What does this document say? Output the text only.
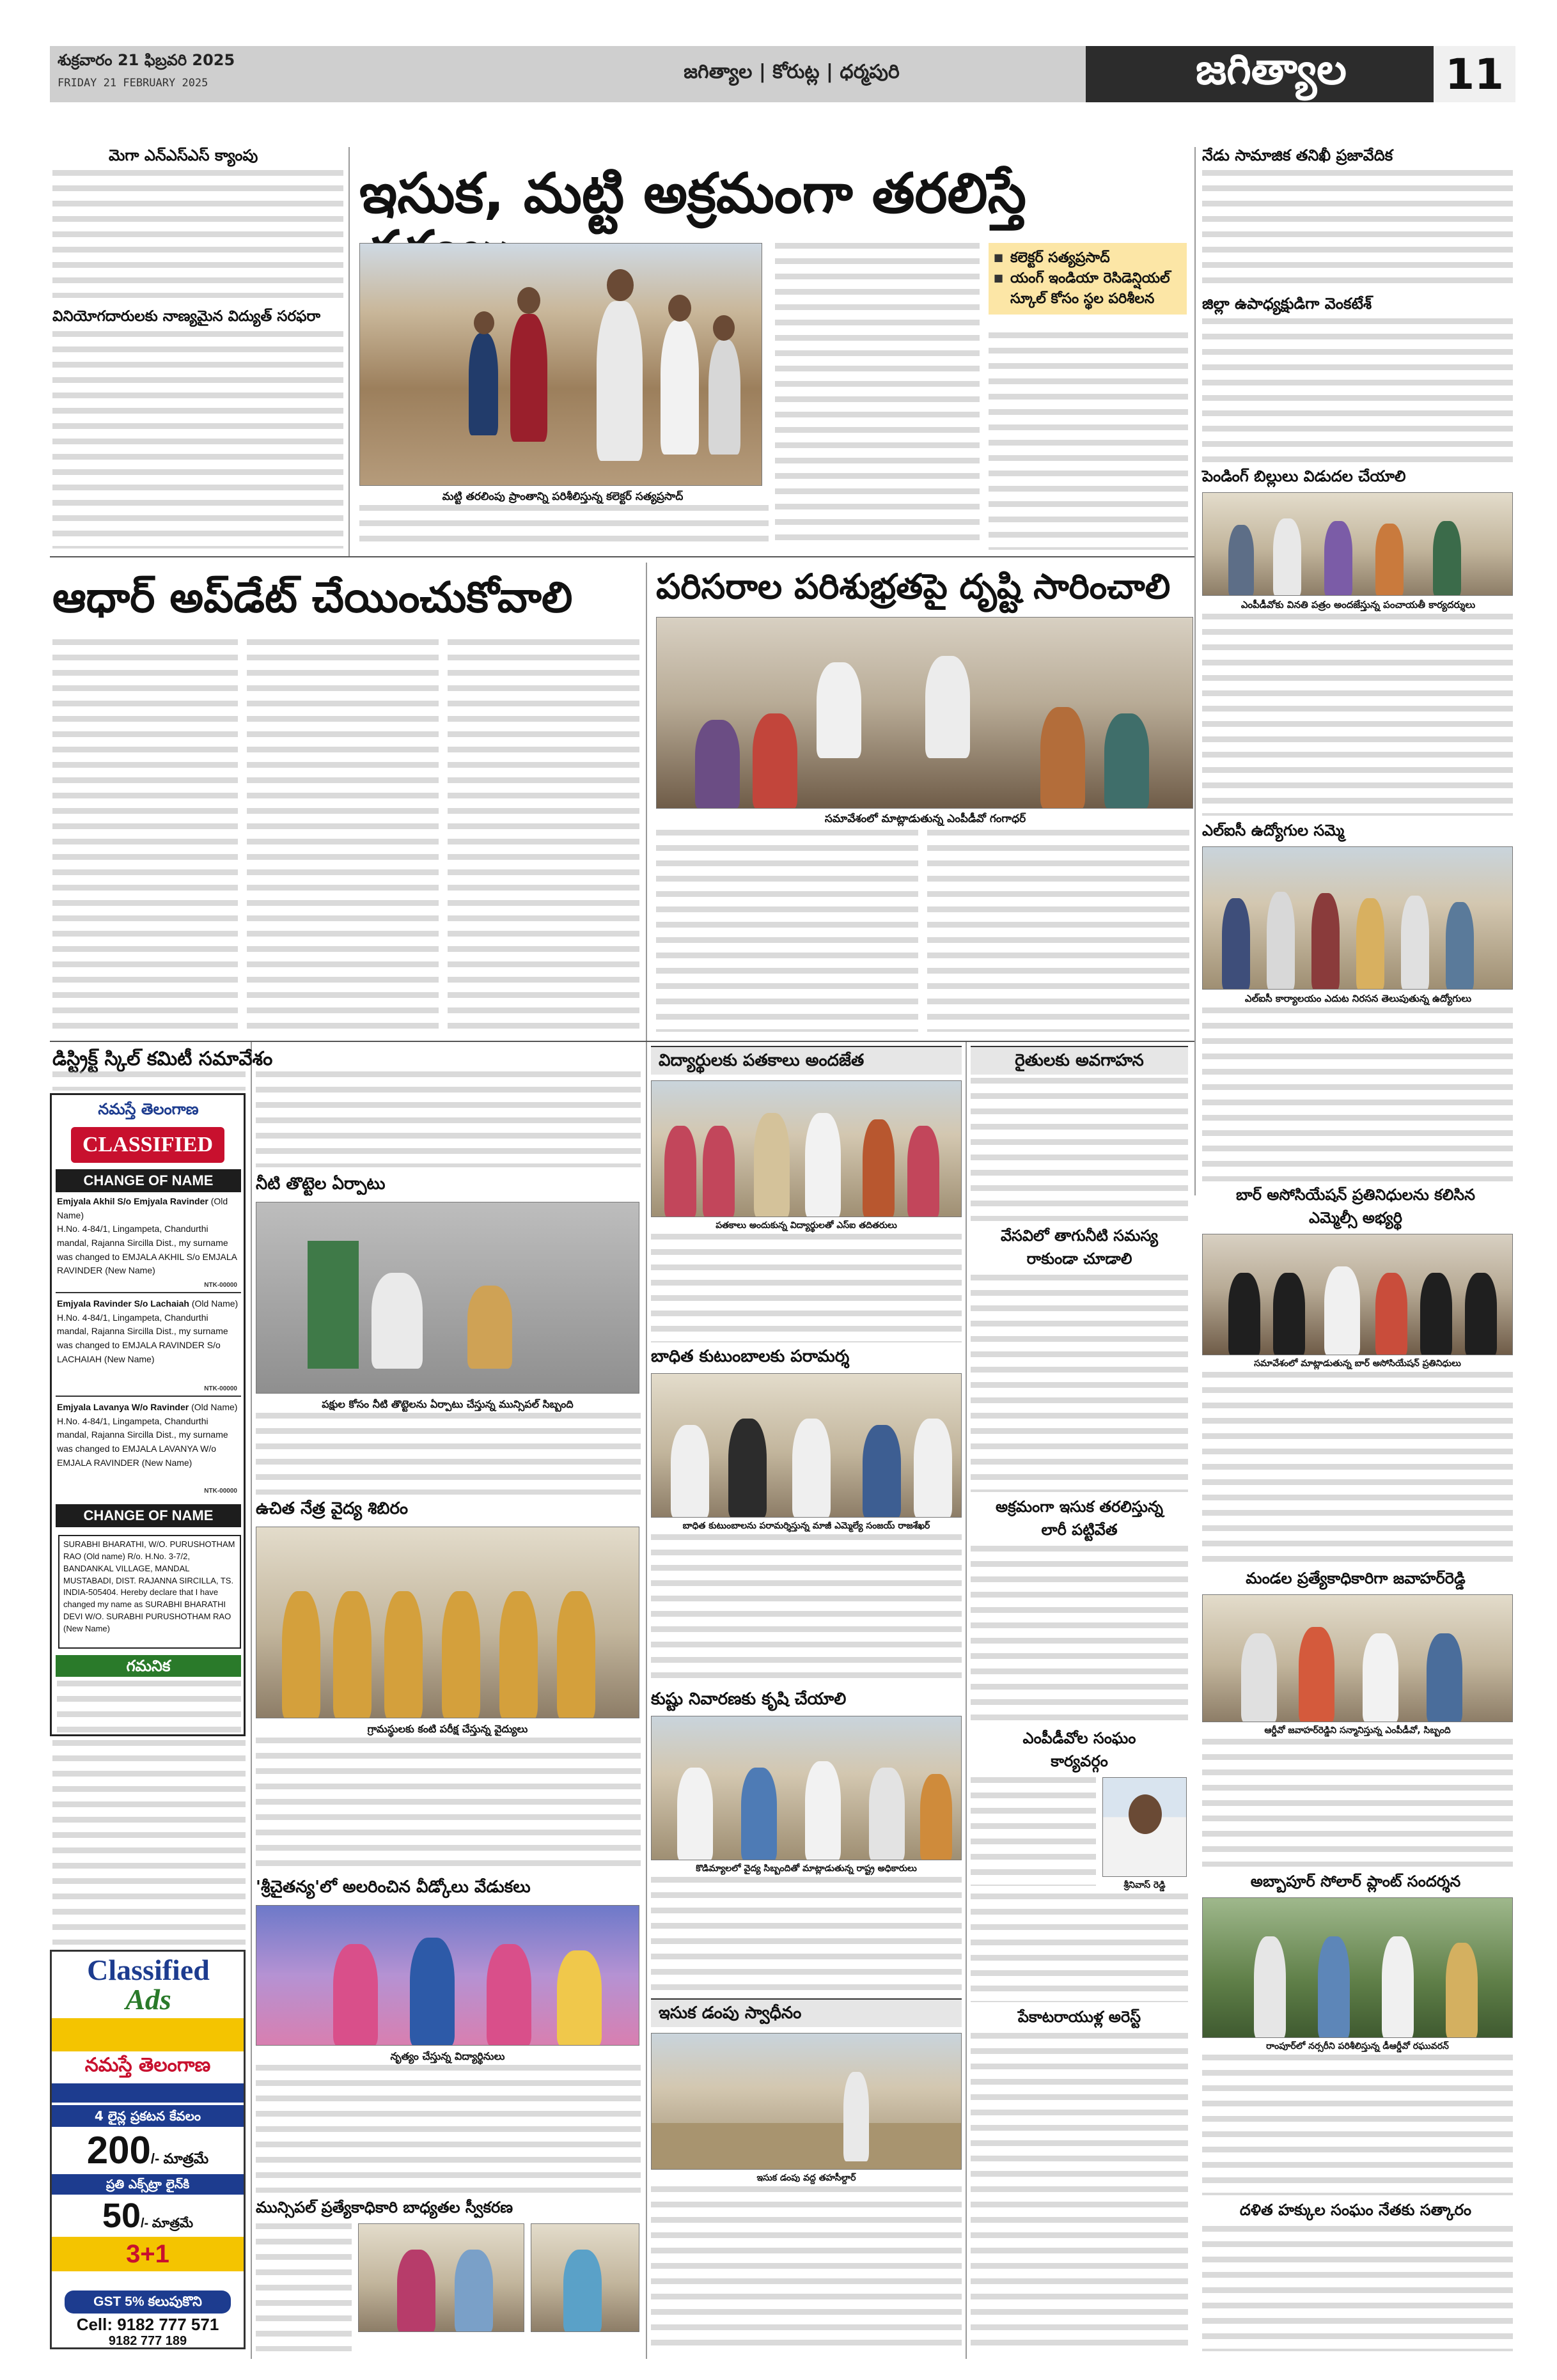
శుక్రవారం 21 ఫిబ్రవరి 2025
FRIDAY 21 FEBRUARY 2025	జగిత్యాల | కోరుట్ల | ధర్మపురి	జగిత్యాల	11
మెగా ఎన్ఎస్ఎస్ క్యాంపు
వినియోగదారులకు నాణ్యమైన విద్యుత్ సరఫరా
ఇసుక, మట్టి అక్రమంగా తరలిస్తే
మట్టి తరలింపు ప్రాంతాన్ని పరిశీలిస్తున్న కలెక్టర్ సత్యప్రసాద్
■ కలెక్టర్ సత్యప్రసాద్
■ యంగ్ ఇండియా రెసిడెన్షియల్ స్కూల్ కోసం స్థల పరిశీలన
నేడు సామాజిక తనిఖీ ప్రజావేదిక
జిల్లా ఉపాధ్యక్షుడిగా వెంకటేశ్
పెండింగ్ బిల్లులు విడుదల చేయాలి
ఎంపీడీవోకు వినతి పత్రం అందజేస్తున్న పంచాయతీ కార్యదర్శులు
ఎల్ఐసీ ఉద్యోగుల సమ్మె
ఎల్ఐసీ కార్యాలయం ఎదుట నిరసన తెలుపుతున్న ఉద్యోగులు
ఆధార్ అప్‌డేట్ చేయించుకోవాలి	పరిసరాల పరిశుభ్రతపై దృష్టి సారించాలి
సమావేశంలో మాట్లాడుతున్న ఎంపీడీవో గంగాధర్
డిస్ట్రిక్ట్ స్కిల్ కమిటీ సమావేశం
నమస్తే తెలంగాణ
CLASSIFIED
CHANGE OF NAME
Emjyala Akhil S/o Emjyala Ravinder (Old Name)
H.No. 4-84/1, Lingampeta, Chandurthi mandal, Rajanna Sircilla Dist., my surname was changed to EMJALA AKHIL S/o EMJALA RAVINDER (New Name)
NTK-00000
Emjyala Ravinder S/o Lachaiah (Old Name)
H.No. 4-84/1, Lingampeta, Chandurthi mandal, Rajanna Sircilla Dist., my surname was changed to EMJALA RAVINDER S/o LACHAIAH (New Name)
NTK-00000
Emjyala Lavanya W/o Ravinder (Old Name)
H.No. 4-84/1, Lingampeta, Chandurthi mandal, Rajanna Sircilla Dist., my surname was changed to EMJALA LAVANYA W/o EMJALA RAVINDER (New Name)
NTK-00000
CHANGE OF NAME
SURABHI BHARATHI, W/O. PURUSHOTHAM RAO (Old name) R/o. H.No. 3-7/2, BANDANKAL VILLAGE, MANDAL MUSTABADI, DIST. RAJANNA SIRCILLA, TS. INDIA-505404. Hereby declare that I have changed my name as SURABHI BHARATHI DEVI W/O. SURABHI PURUSHOTHAM RAO (New Name)
గమనిక
Classified
Ads
నమస్తే తెలంగాణ
4 లైన్ల ప్రకటన కేవలం
200/- మాత్రమే
ప్రతి ఎక్స్‌ట్రా లైన్‌కి
50/- మాత్రమే
3+1
GST 5% కలుపుకొని
Cell: 9182 777 571
9182 777 189
నీటి తొట్టెల ఏర్పాటు
పక్షుల కోసం నీటి తొట్టెలను ఏర్పాటు చేస్తున్న మున్సిపల్ సిబ్బంది
ఉచిత నేత్ర వైద్య శిబిరం
గ్రామస్థులకు కంటి పరీక్ష చేస్తున్న వైద్యులు
'శ్రీచైతన్య'లో అలరించిన వీడ్కోలు వేడుకలు
నృత్యం చేస్తున్న విద్యార్థినులు
మున్సిపల్ ప్రత్యేకాధికారి బాధ్యతల స్వీకరణ
విద్యార్థులకు పతకాలు అందజేత
పతకాలు అందుకున్న విద్యార్థులతో ఎస్ఐ తదితరులు
బాధిత కుటుంబాలకు పరామర్శ
బాధిత కుటుంబాలను పరామర్శిస్తున్న మాజీ ఎమ్మెల్యే సంజయ్ రాజశేఖర్
కుష్టు నివారణకు కృషి చేయాలి
కొడిమ్యాలలో వైద్య సిబ్బందితో మాట్లాడుతున్న రాష్ట్ర అధికారులు
ఇసుక డంపు స్వాధీనం
ఇసుక డంపు వద్ద తహసీల్దార్
రైతులకు అవగాహన
వేసవిలో తాగునీటి సమస్య
రాకుండా చూడాలి
అక్రమంగా ఇసుక తరలిస్తున్న
లారీ పట్టివేత
ఎంపీడీవోల సంఘం
కార్యవర్గం
శ్రీనివాస్ రెడ్డి
పేకాటరాయుళ్ల అరెస్ట్
బార్ అసోసియేషన్ ప్రతినిధులను కలిసిన
ఎమ్మెల్సీ అభ్యర్థి
సమావేశంలో మాట్లాడుతున్న బార్ అసోసియేషన్ ప్రతినిధులు
మండల ప్రత్యేకాధికారిగా జవాహర్‌రెడ్డి
ఆర్డీవో జవాహర్‌రెడ్డిని సన్మానిస్తున్న ఎంపీడీవో, సిబ్బంది
అబ్బాపూర్ సోలార్ ప్లాంట్ సందర్శన
రాంపూర్‌లో నర్సరీని పరిశీలిస్తున్న డీఆర్డీవో రఘువరన్
దళిత హక్కుల సంఘం నేతకు సత్కారం
